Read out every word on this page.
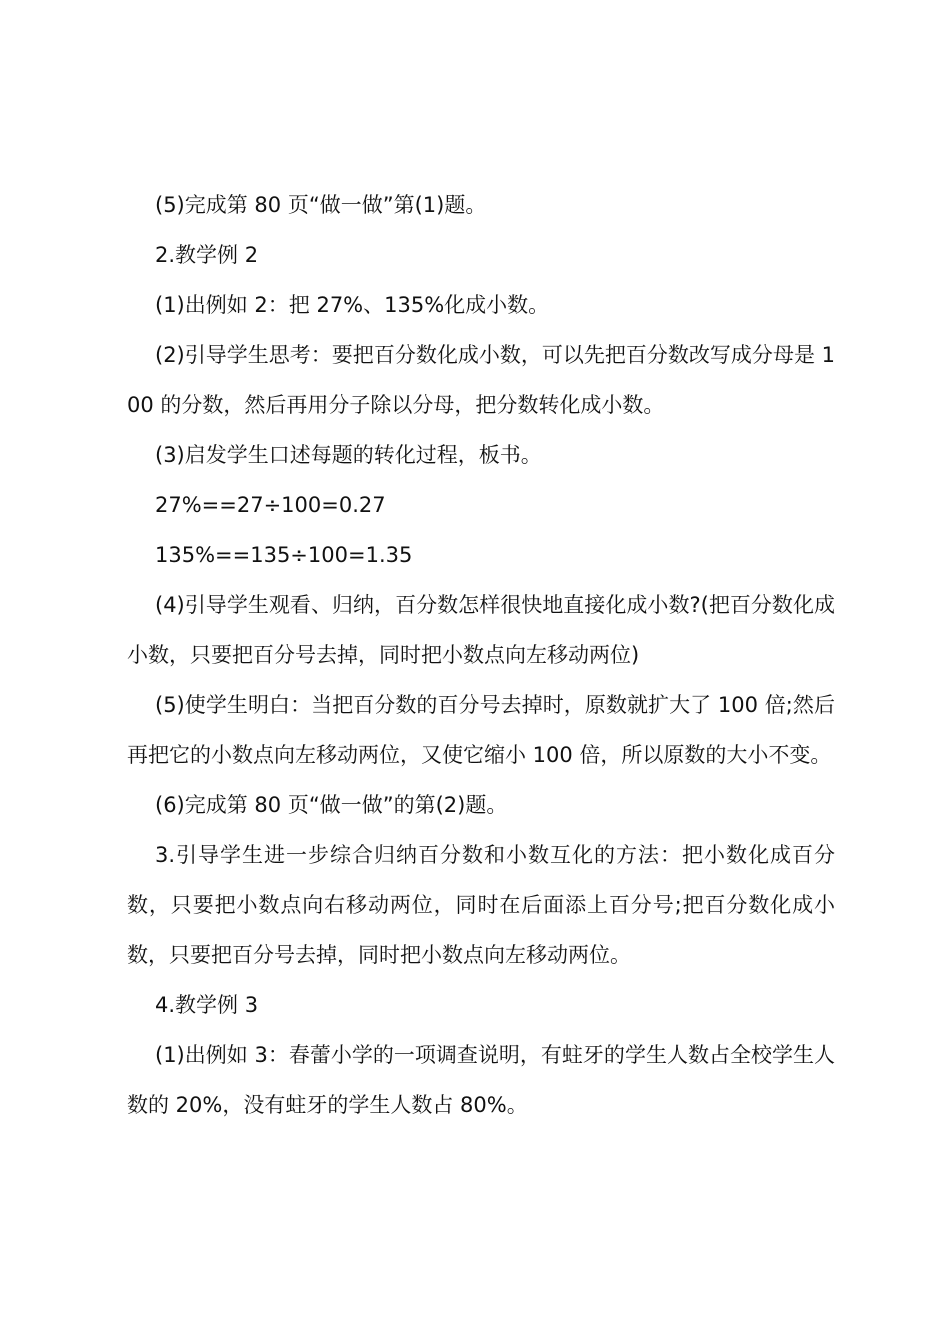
(5)完成第 80 页“做一做”第(1)题。

2.教学例 2

(1)出例如 2：把 27%、135%化成小数。

(2)引导学生思考：要把百分数化成小数，可以先把百分数改写成分母是 100 的分数，然后再用分子除以分母，把分数转化成小数。

(3)启发学生口述每题的转化过程，板书。

27%==27÷100=0.27

135%==135÷100=1.35

(4)引导学生观看、归纳，百分数怎样很快地直接化成小数?(把百分数化成小数，只要把百分号去掉，同时把小数点向左移动两位)

(5)使学生明白：当把百分数的百分号去掉时，原数就扩大了 100 倍;然后再把它的小数点向左移动两位，又使它缩小 100 倍，所以原数的大小不变。

(6)完成第 80 页“做一做”的第(2)题。

3.引导学生进一步综合归纳百分数和小数互化的方法：把小数化成百分数，只要把小数点向右移动两位，同时在后面添上百分号;把百分数化成小数，只要把百分号去掉，同时把小数点向左移动两位。

4.教学例 3

(1)出例如 3：春蕾小学的一项调查说明，有蛀牙的学生人数占全校学生人数的 20%，没有蛀牙的学生人数占 80%。
